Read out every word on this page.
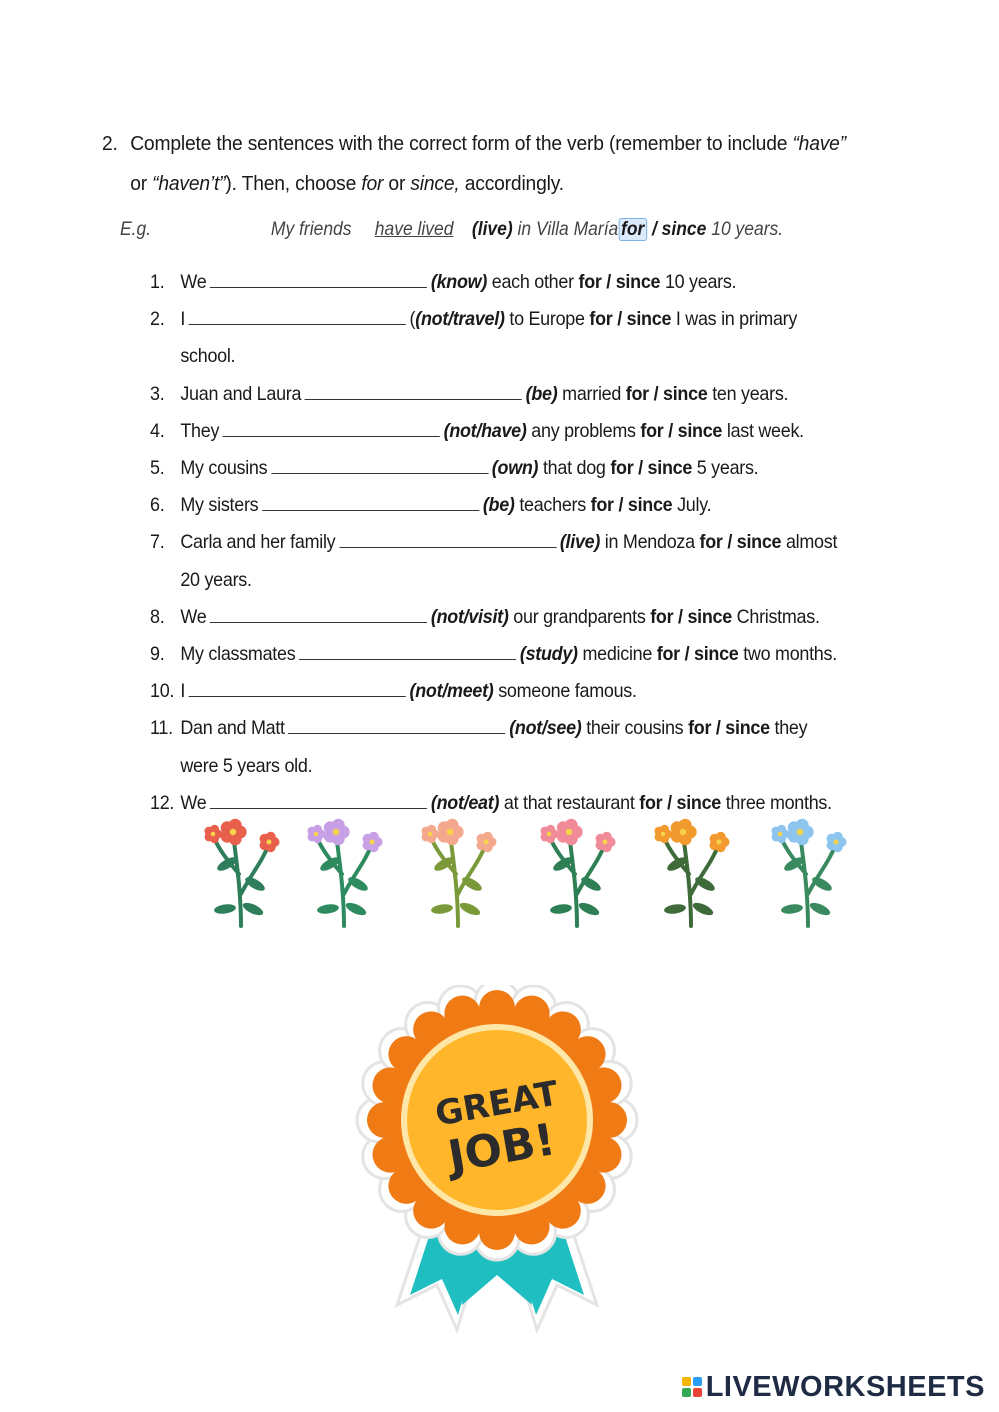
2. Complete the sentences with the correct form of the verb (remember to include “have”
or “haven’t”). Then, choose for or since, accordingly.
E.g.	My friends have lived (live) in Villa María for / since 10 years.
1. We	(know) each other for / since 10 years.
2. I	((not/travel) to Europe for / since I was in primary school.
3. Juan and Laura	(be) married for / since ten years.
4. They	(not/have) any problems for / since last week.
5. My cousins	(own) that dog for / since 5 years.
6. My sisters	(be) teachers for / since July.
7. Carla and her family	(live) in Mendoza for / since almost 20 years.
8. We	(not/visit) our grandparents for / since Christmas.
9. My classmates	(study) medicine for / since two months.
10. I	(not/meet) someone famous.
11. Dan and Matt	(not/see) their cousins for / since they were 5 years old.
12. We	(not/eat) at that restaurant for / since three months.
GREAT
JOB!
LIVEWORKSHEETS
